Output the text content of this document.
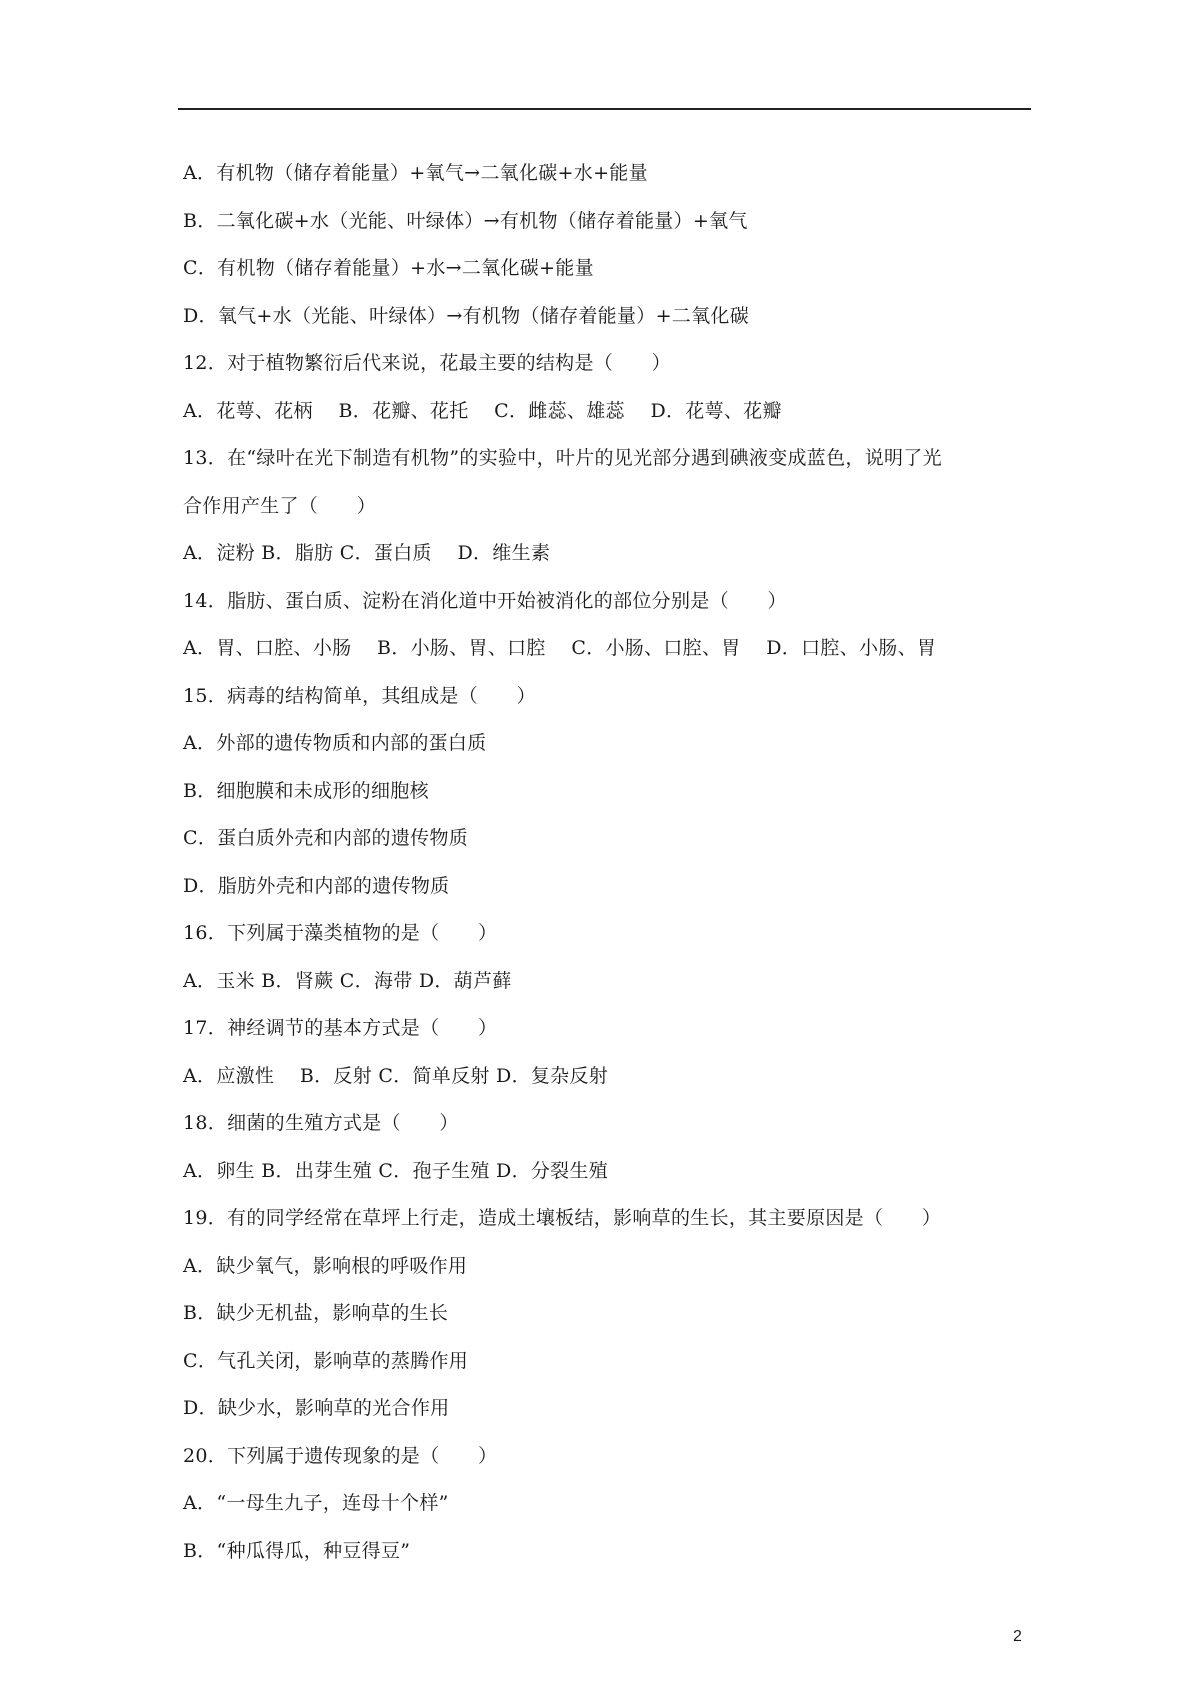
A．有机物（储存着能量）+氧气→二氧化碳+水+能量
B．二氧化碳+水（光能、叶绿体）→有机物（储存着能量）+氧气
C．有机物（储存着能量）+水→二氧化碳+能量
D．氧气+水（光能、叶绿体）→有机物（储存着能量）+二氧化碳
12．对于植物繁衍后代来说，花最主要的结构是（　　）
A．花萼、花柄　 B．花瓣、花托　 C．雌蕊、雄蕊　 D．花萼、花瓣
13．在“绿叶在光下制造有机物”的实验中，叶片的见光部分遇到碘液变成蓝色，说明了光
合作用产生了（　　）
A．淀粉 B．脂肪 C．蛋白质　 D．维生素
14．脂肪、蛋白质、淀粉在消化道中开始被消化的部位分别是（　　）
A．胃、口腔、小肠　 B．小肠、胃、口腔　 C．小肠、口腔、胃　 D．口腔、小肠、胃
15．病毒的结构简单，其组成是（　　）
A．外部的遗传物质和内部的蛋白质
B．细胞膜和未成形的细胞核
C．蛋白质外壳和内部的遗传物质
D．脂肪外壳和内部的遗传物质
16．下列属于藻类植物的是（　　）
A．玉米 B．肾蕨 C．海带 D．葫芦藓
17．神经调节的基本方式是（　　）
A．应激性　 B．反射 C．简单反射 D．复杂反射
18．细菌的生殖方式是（　　）
A．卵生 B．出芽生殖 C．孢子生殖 D．分裂生殖
19．有的同学经常在草坪上行走，造成土壤板结，影响草的生长，其主要原因是（　　）
A．缺少氧气，影响根的呼吸作用
B．缺少无机盐，影响草的生长
C．气孔关闭，影响草的蒸腾作用
D．缺少水，影响草的光合作用
20．下列属于遗传现象的是（　　）
A．“一母生九子，连母十个样”
B．“种瓜得瓜，种豆得豆”
2
